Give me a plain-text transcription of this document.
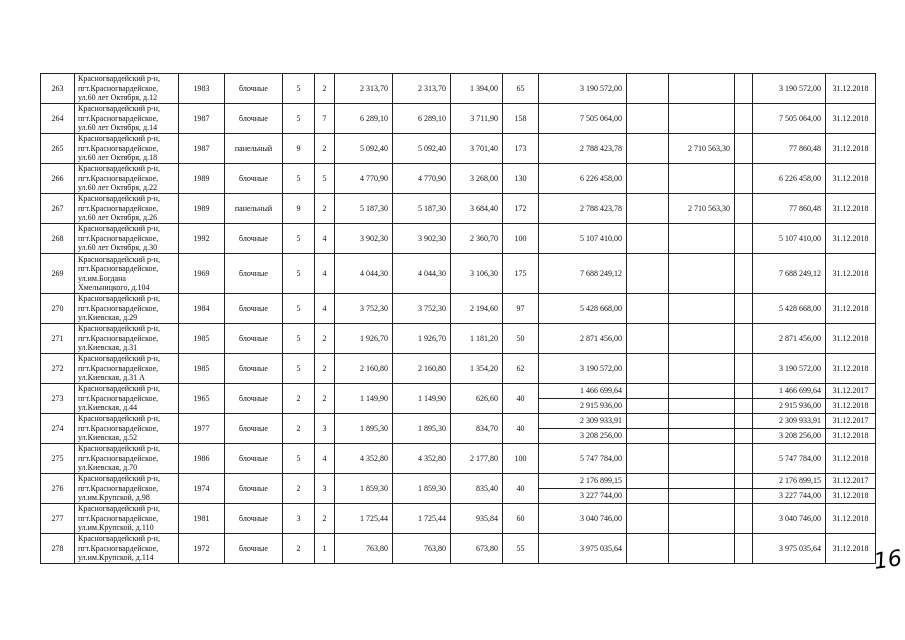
263	Красногвардейский р-н, пгт.Красногвардейское, ул.60 лет Октября, д.12	1983	блочные	5	2	2 313,70	2 313,70	1 394,00	65	3 190 572,00				3 190 572,00	31.12.2018
264	Красногвардейский р-н, пгт.Красногвардейское, ул.60 лет Октября, д.14	1987	блочные	5	7	6 289,10	6 289,10	3 711,90	158	7 505 064,00				7 505 064,00	31.12.2018
265	Красногвардейский р-н, пгт.Красногвардейское, ул.60 лет Октября, д.18	1987	панельный	9	2	5 092,40	5 092,40	3 701,40	173	2 788 423,78		2 710 563,30		77 860,48	31.12.2018
266	Красногвардейский р-н, пгт.Красногвардейское, ул.60 лет Октября, д.22	1989	блочные	5	5	4 770,90	4 770,90	3 268,00	130	6 226 458,00				6 226 458,00	31.12.2018
267	Красногвардейский р-н, пгт.Красногвардейское, ул.60 лет Октября, д.26	1989	панельный	9	2	5 187,30	5 187,30	3 684,40	172	2 788 423,78		2 710 563,30		77 860,48	31.12.2018
268	Красногвардейский р-н, пгт.Красногвардейское, ул.60 лет Октября, д.30	1992	блочные	5	4	3 902,30	3 902,30	2 360,70	100	5 107 410,00				5 107 410,00	31.12.2018
269	Красногвардейский р-н, пгт.Красногвардейское, ул.им.Богдана Хмельницкого, д.104	1969	блочные	5	4	4 044,30	4 044,30	3 106,30	175	7 688 249,12				7 688 249,12	31.12.2018
270	Красногвардейский р-н, пгт.Красногвардейское, ул.Киевская, д.29	1984	блочные	5	4	3 752,30	3 752,30	2 194,60	97	5 428 668,00				5 428 668,00	31.12.2018
271	Красногвардейский р-н, пгт.Красногвардейское, ул.Киевская, д.31	1985	блочные	5	2	1 926,70	1 926,70	1 181,20	50	2 871 456,00				2 871 456,00	31.12.2018
272	Красногвардейский р-н, пгт.Красногвардейское, ул.Киевская, д.31 А	1985	блочные	5	2	2 160,80	2 160,80	1 354,20	62	3 190 572,00				3 190 572,00	31.12.2018
273	Красногвардейский р-н, пгт.Красногвардейское, ул.Киевская, д.44	1965	блочные	2	2	1 149,90	1 149,90	626,60	40	1 466 699,64				1 466 699,64	31.12.2017
										2 915 936,00				2 915 936,00	31.12.2018
274	Красногвардейский р-н, пгт.Красногвардейское, ул.Киевская, д.52	1977	блочные	2	3	1 895,30	1 895,30	834,70	40	2 309 933,91				2 309 933,91	31.12.2017
										3 208 256,00				3 208 256,00	31.12.2018
275	Красногвардейский р-н, пгт.Красногвардейское, ул.Киевская, д.70	1986	блочные	5	4	4 352,80	4 352,80	2 177,80	100	5 747 784,00				5 747 784,00	31.12.2018
276	Красногвардейский р-н, пгт.Красногвардейское, ул.им.Крупской, д.98	1974	блочные	2	3	1 859,30	1 859,30	835,40	40	2 176 899,15				2 176 899,15	31.12.2017
										3 227 744,00				3 227 744,00	31.12.2018
277	Красногвардейский р-н, пгт.Красногвардейское, ул.им.Крупской, д.110	1981	блочные	3	2	1 725,44	1 725,44	935,84	60	3 040 746,00				3 040 746,00	31.12.2018
278	Красногвардейский р-н, пгт.Красногвардейское, ул.им.Крупской, д.114	1972	блочные	2	1	763,80	763,80	673,80	55	3 975 035,64				3 975 035,64	31.12.2018 16
